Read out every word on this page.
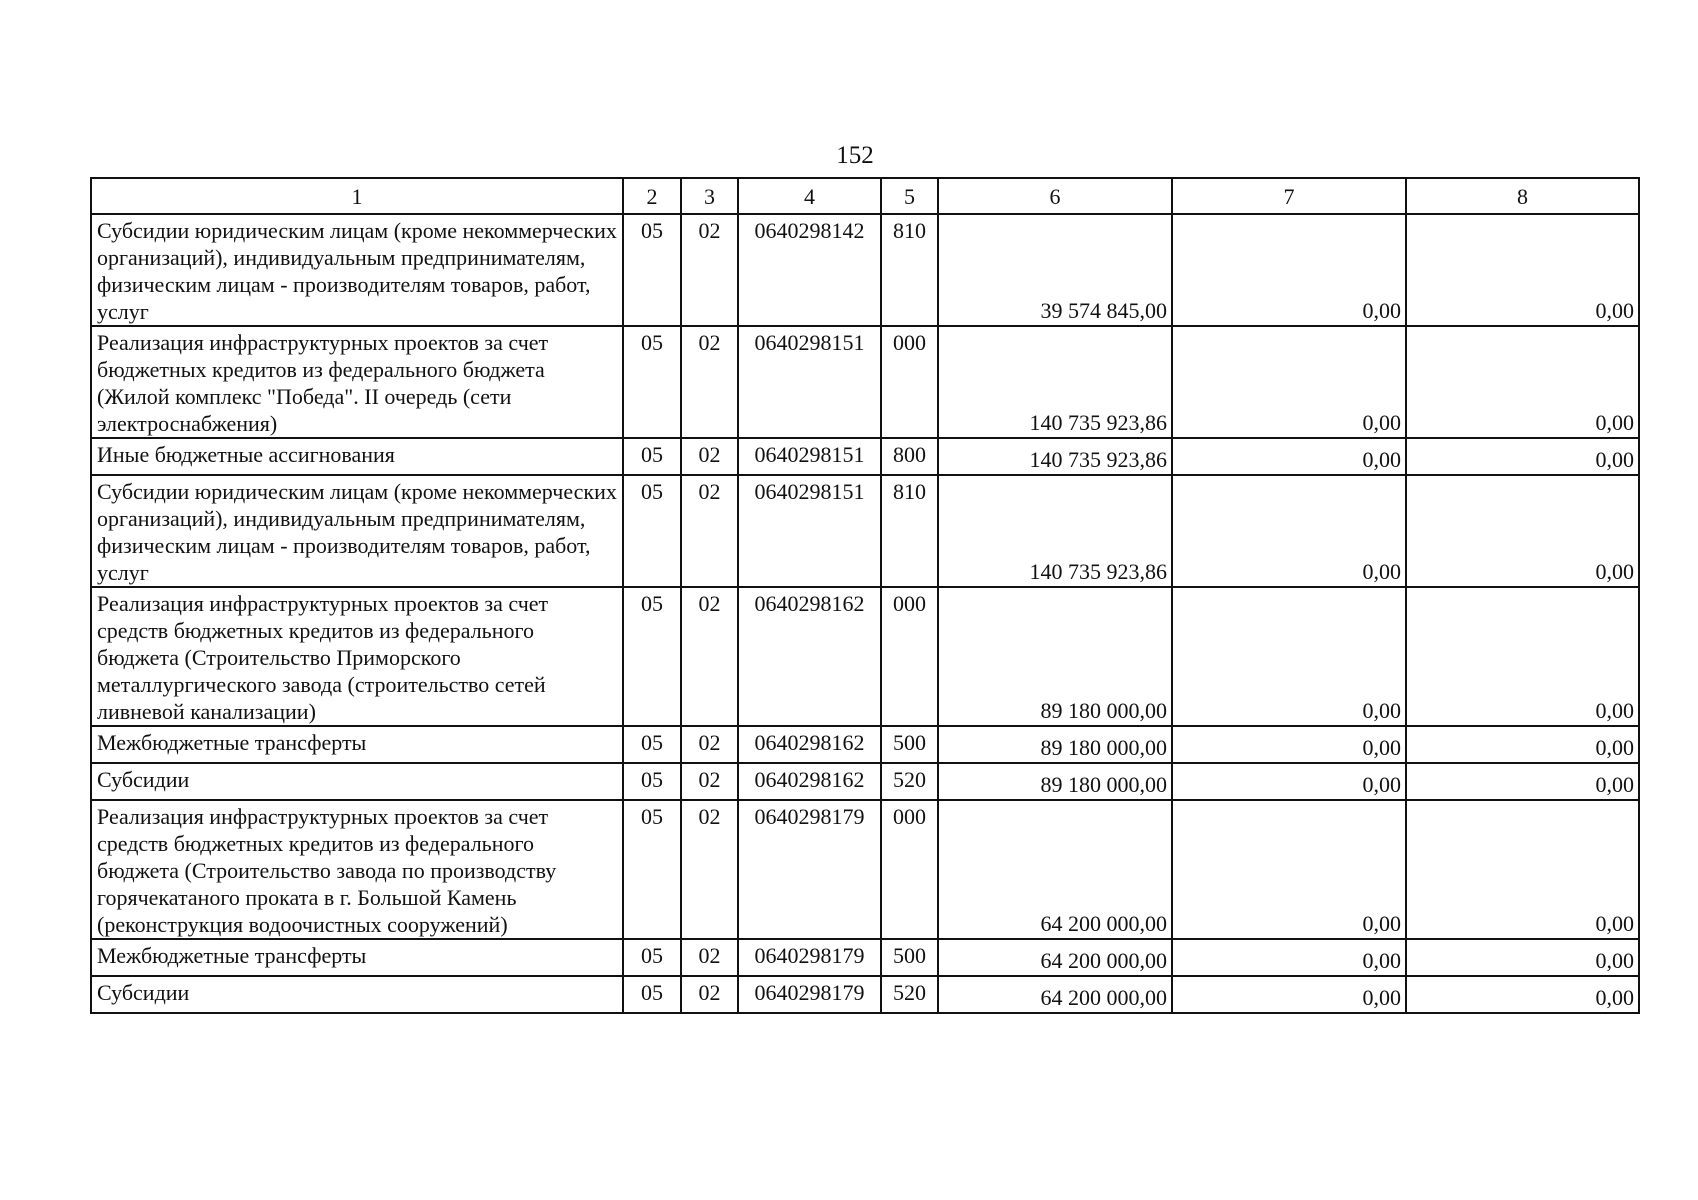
152
1	2	3	4	5	6	7	8
Субсидии юридическим лицам (кроме некоммерческих организаций), индивидуальным предпринимателям, физическим лицам - производителям товаров, работ, услуг	05	02	0640298142	810	39 574 845,00	0,00	0,00
Реализация инфраструктурных проектов за счет бюджетных кредитов из федерального бюджета (Жилой комплекс "Победа". II очередь (сети электроснабжения)	05	02	0640298151	000	140 735 923,86	0,00	0,00
Иные бюджетные ассигнования	05	02	0640298151	800	140 735 923,86	0,00	0,00
Субсидии юридическим лицам (кроме некоммерческих организаций), индивидуальным предпринимателям, физическим лицам - производителям товаров, работ, услуг	05	02	0640298151	810	140 735 923,86	0,00	0,00
Реализация инфраструктурных проектов за счет средств бюджетных кредитов из федерального бюджета (Строительство Приморского металлургического завода (строительство сетей ливневой канализации)	05	02	0640298162	000	89 180 000,00	0,00	0,00
Межбюджетные трансферты	05	02	0640298162	500	89 180 000,00	0,00	0,00
Субсидии	05	02	0640298162	520	89 180 000,00	0,00	0,00
Реализация инфраструктурных проектов за счет средств бюджетных кредитов из федерального бюджета (Строительство завода по производству горячекатаного проката в г. Большой Камень (реконструкция водоочистных сооружений)	05	02	0640298179	000	64 200 000,00	0,00	0,00
Межбюджетные трансферты	05	02	0640298179	500	64 200 000,00	0,00	0,00
Субсидии	05	02	0640298179	520	64 200 000,00	0,00	0,00
